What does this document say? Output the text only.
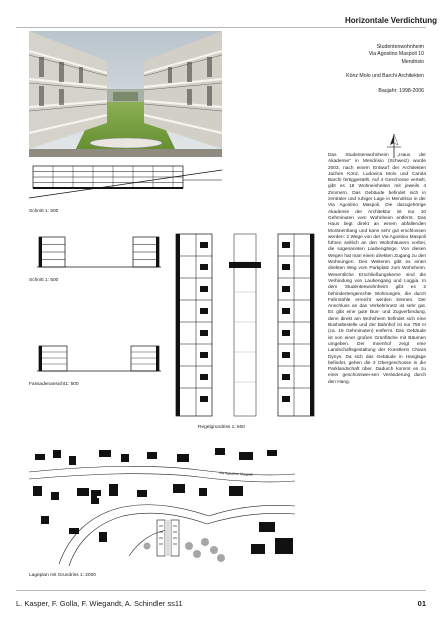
Horizontale Verdichtung
Studentenwohnheim
Via Agostino Maspoli 10
Mendrisio
Könz Molo und Barchi Architekten
Baujahr: 1998-2006

Das Studentenwohnheim „Haus der Akademie" in Mendrisio (Schweiz) wurde 2003, nach einem Entwurf der Architekten Jachen Könz, Ludovica Molo und Carola Barchi fertiggestellt. Auf 4 Geschosse verteilt, gibt es 18 Wohneinheiten mit jeweils 4 Zimmern. Das Gebäude befindet sich in zentraler und ruhiger Lage in Mendrisio in der Via Agostino Maspoli. Die dazugehörige Akademie der Architektur ist nur 10 Gehminuten vom Wohnheim entfernt. Das Haus liegt direkt an einem abfallenden Moränenhang und kann sehr gut erschlossen werden: 2 Wege von der Via Agostino Maspoli führen seitlich an den Wohnhäusern vorbei, die sogenannten Laubengänge. Von diesen Wegen hat man einen direkten Zugang zu den Wohnungen. Des Weiteren gibt es einen direkten Weg vom Parkplatz zum Wohnheim. Wesentliche Erschließungskerne sind die Verbindung von Laubengang und Loggia. In dem Studentenwohnheim gibt es 2 behindertengerechte Wohnungen, die durch Fahrstühle erreicht werden können. Der Anschluss an das Verkehrsnetz ist sehr gut. Es gibt eine gute Bus- und Zugverbindung, denn direkt am Wohnheim befindet sich eine Bushaltestelle und der Bahnhof ist nur 750 m (ca. 15 Gehminuten) entfernt. Das Gebäude ist von einer großen Grünfläche mit Bäumen umgeben. Der Innenhof zeigt eine Landschaftsgestaltung der Künstlerin Chiara Dynys. Da sich das Gebäude in Hanglage befindet, gehen die 3 Obergeschosse in die Parklandschaft über. Dadurch kommt es zu einer geschosswei-sen Veränderung durch den Hang.

Schnitt 1: 500
Schnitt 1: 500
Fassadenansicht1: 500
Regelgrundriss 1: 500
Via Agostino Maspoli
Lageplan mit Grundriss 1: 2000
L. Kasper, F. Golla, F. Wiegandt, A. Schindler ss11	01
